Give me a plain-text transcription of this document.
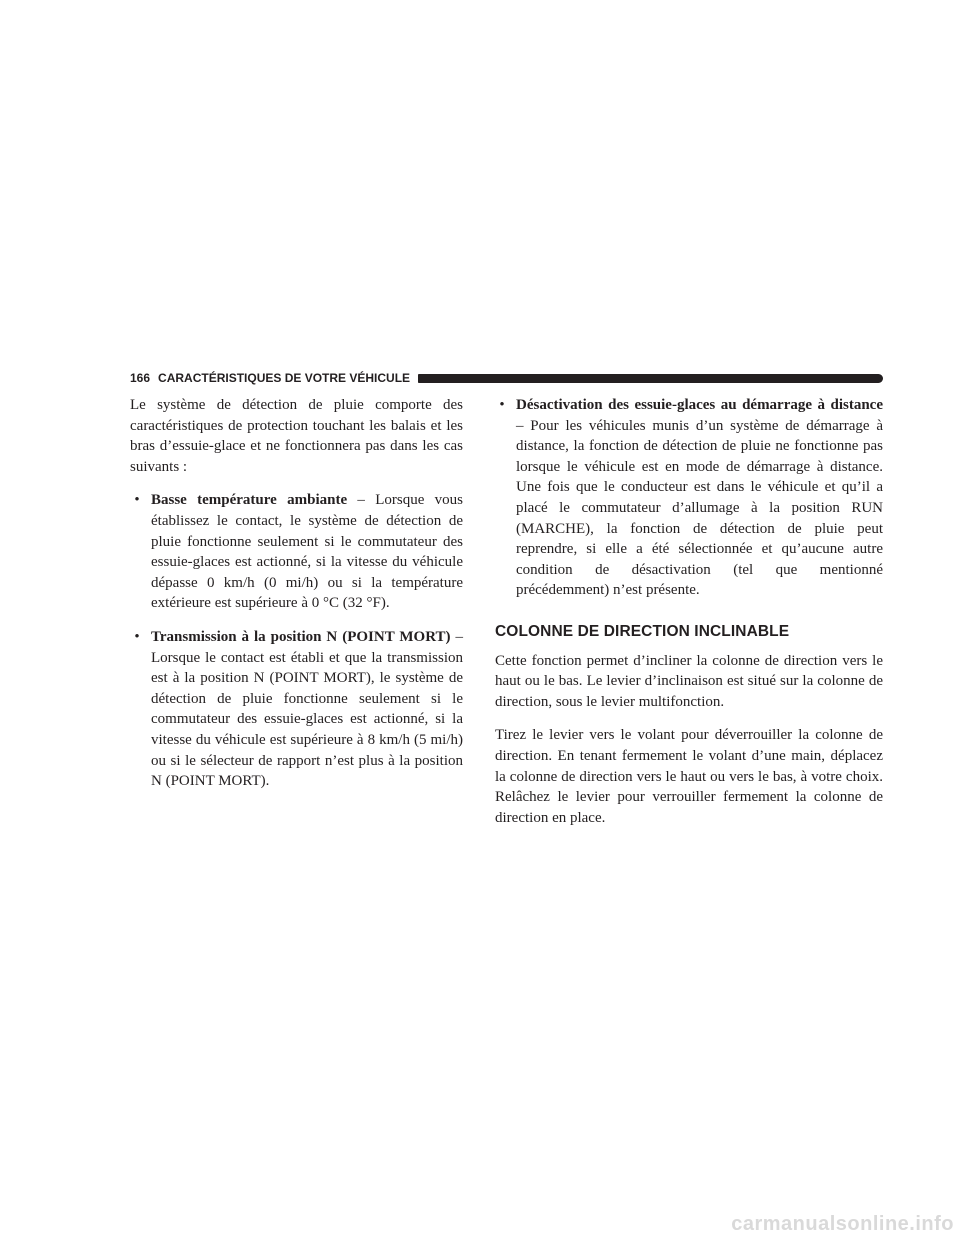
166 CARACTÉRISTIQUES DE VOTRE VÉHICULE

Le système de détection de pluie comporte des caractéristiques de protection touchant les balais et les bras d’essuie-glace et ne fonctionnera pas dans les cas suivants :

• Basse température ambiante – Lorsque vous établissez le contact, le système de détection de pluie fonctionne seulement si le commutateur des essuie-glaces est actionné, si la vitesse du véhicule dépasse 0 km/h (0 mi/h) ou si la température extérieure est supérieure à 0 °C (32 °F).
• Transmission à la position N (POINT MORT) – Lorsque le contact est établi et que la transmission est à la position N (POINT MORT), le système de détection de pluie fonctionne seulement si le commutateur des essuie-glaces est actionné, si la vitesse du véhicule est supérieure à 8 km/h (5 mi/h) ou si le sélecteur de rapport n’est plus à la position N (POINT MORT).
• Désactivation des essuie-glaces au démarrage à distance – Pour les véhicules munis d’un système de démarrage à distance, la fonction de détection de pluie ne fonctionne pas lorsque le véhicule est en mode de démarrage à distance. Une fois que le conducteur est dans le véhicule et qu’il a placé le commutateur d’allumage à la position RUN (MARCHE), la fonction de détection de pluie peut reprendre, si elle a été sélectionnée et qu’aucune autre condition de désactivation (tel que mentionné précédemment) n’est présente.
COLONNE DE DIRECTION INCLINABLE

Cette fonction permet d’incliner la colonne de direction vers le haut ou le bas. Le levier d’inclinaison est situé sur la colonne de direction, sous le levier multifonction.

Tirez le levier vers le volant pour déverrouiller la colonne de direction. En tenant fermement le volant d’une main, déplacez la colonne de direction vers le haut ou vers le bas, à votre choix. Relâchez le levier pour verrouiller fermement la colonne de direction en place.

carmanualsonline.info
